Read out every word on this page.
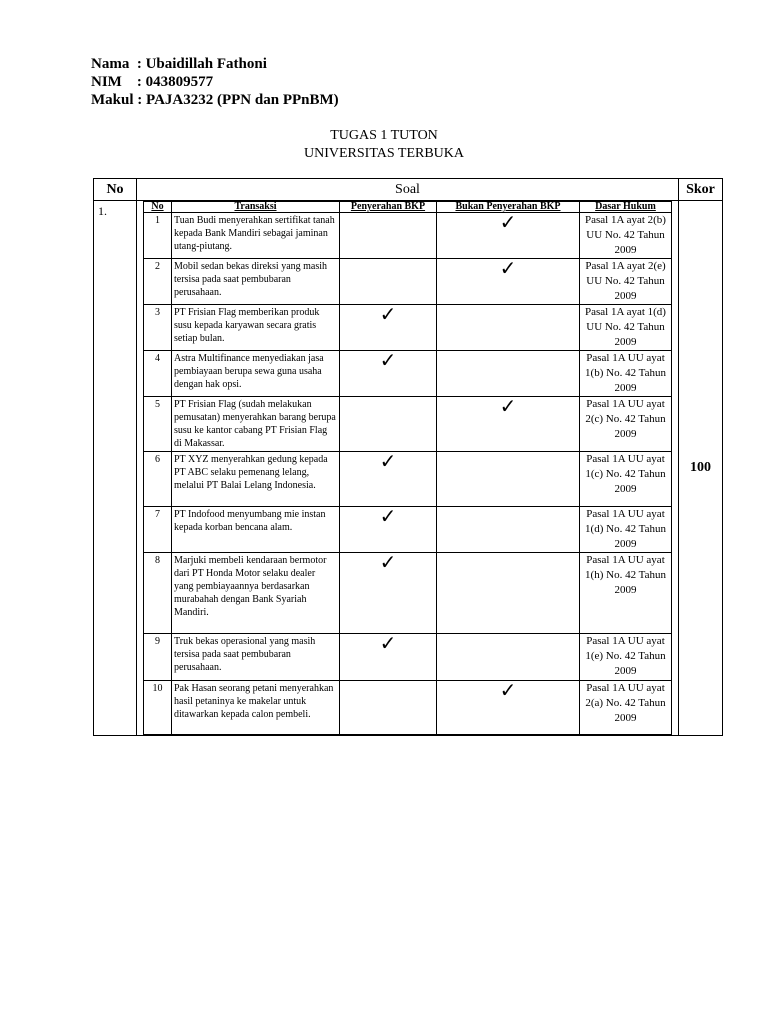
Nama  : Ubaidillah Fathoni
NIM    : 043809577
Makul : PAJA3232 (PPN dan PPnBM)
TUGAS 1 TUTON
UNIVERSITAS TERBUKA
No	Soal	Skor
1.		No	Transaksi	Penyerahan BKP	Bukan Penyerahan BKP	Dasar Hukum
1	Tuan Budi menyerahkan sertifikat tanah kepada Bank Mandiri sebagai jaminan utang-piutang.		✓	Pasal 1A ayat 2(b) UU No. 42 Tahun 2009
2	Mobil sedan bekas direksi yang masih tersisa pada saat pembubaran perusahaan.		✓	Pasal 1A ayat 2(e) UU No. 42 Tahun 2009
3	PT Frisian Flag memberikan produk susu kepada karyawan secara gratis setiap bulan.	✓		Pasal 1A ayat 1(d) UU No. 42 Tahun 2009
4	Astra Multifinance menyediakan jasa pembiayaan berupa sewa guna usaha dengan hak opsi.	✓		Pasal 1A UU ayat 1(b) No. 42 Tahun 2009
5	PT Frisian Flag (sudah melakukan pemusatan) menyerahkan barang berupa susu ke kantor cabang PT Frisian Flag di Makassar.		✓	Pasal 1A UU ayat 2(c) No. 42 Tahun 2009
6	PT XYZ menyerahkan gedung kepada PT ABC selaku pemenang lelang, melalui PT Balai Lelang Indonesia.	✓		Pasal 1A UU ayat 1(c) No. 42 Tahun 2009
7	PT Indofood menyumbang mie instan kepada korban bencana alam.	✓		Pasal 1A UU ayat 1(d) No. 42 Tahun 2009
8	Marjuki membeli kendaraan bermotor dari PT Honda Motor selaku dealer yang pembiayaannya berdasarkan murabahah dengan Bank Syariah Mandiri.	✓		Pasal 1A UU ayat 1(h) No. 42 Tahun 2009
9	Truk bekas operasional yang masih tersisa pada saat pembubaran perusahaan.	✓		Pasal 1A UU ayat 1(e) No. 42 Tahun 2009
10	Pak Hasan seorang petani menyerahkan hasil petaninya ke makelar untuk ditawarkan kepada calon pembeli.		✓	Pasal 1A UU ayat 2(a) No. 42 Tahun 2009
	100
